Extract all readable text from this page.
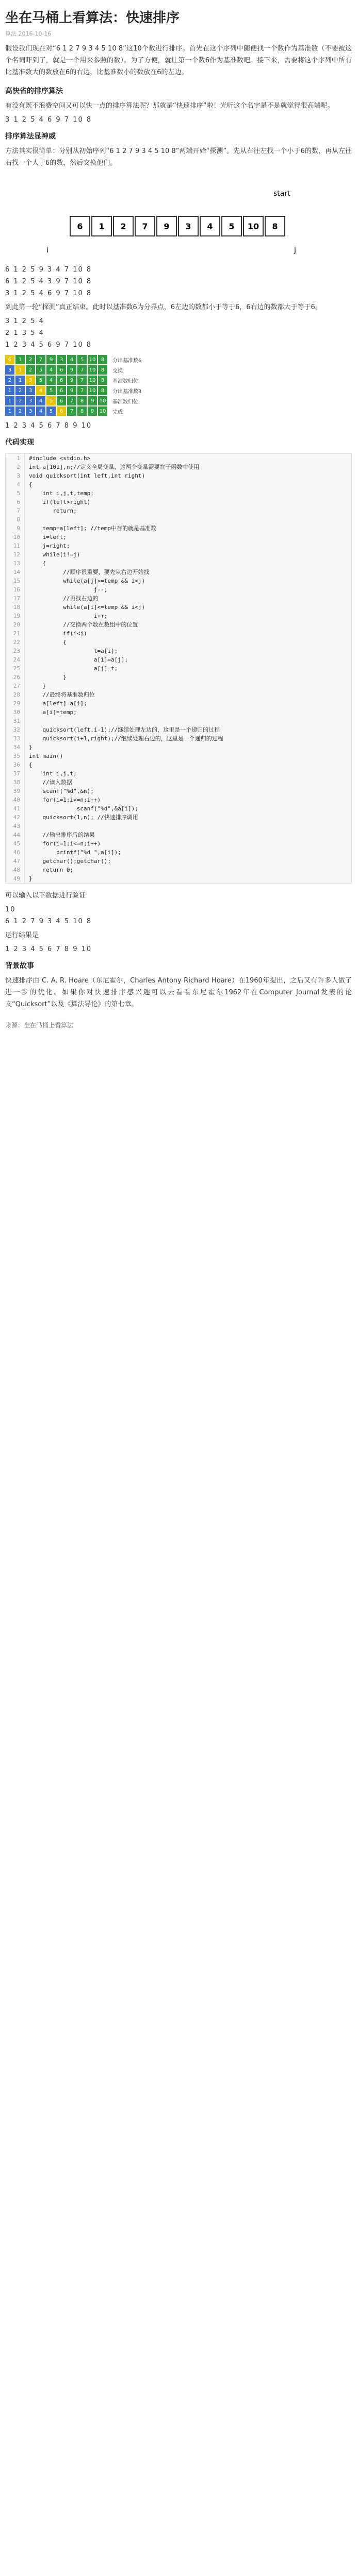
坐在马桶上看算法：快速排序
算法 2016-10-16

假设我们现在对“6 1 2 7 9 3 4 5 10 8”这10个数进行排序。首先在这个序列中随便找一个数作为基准数（不要被这个名词吓到了，就是一个用来参照的数）。为了方便，就让第一个数6作为基准数吧。接下来，需要将这个序列中所有比基准数大的数放在6的右边，比基准数小的数放在6的左边。

高快省的排序算法

有没有既不浪费空间又可以快一点的排序算法呢？那就是“快速排序”啦！光听这个名字是不是就觉得很高端呢。

3 1 2 5 4 6 9 7 10 8
排序算法显神威

方法其实很简单：分别从初始序列“6 1 2 7 9 3 4 5 10 8”两端开始“探测”。先从右往左找一个小于6的数，再从左往右找一个大于6的数，然后交换他们。

6 1 2 7 9 3 4 5 10 8
i	j
start
6 1 2 5 9 3 4 7 10 8
6 1 2 5 4 3 9 7 10 8
3 1 2 5 4 6 9 7 10 8

到此第一轮“探测”真正结束。此时以基准数6为分界点，6左边的数都小于等于6，6右边的数都大于等于6。

3 1 2 5 4
2 1 3 5 4
1 2 3 4 5 6 9 7 10 8
6	1	2	7	9	3	4	5	10	8	分出基准数6
3	1	2	5	4	6	9	7	10	8	交换
2	1	3	5	4	6	9	7	10	8	基准数归位
1	2	3	4	5	6	9	7	10	8	分出基准数3
1	2	3	4	5	6	7	8	9	10 基准数归位
1	2	3	4	5	6	7	8	9	10 完成
1 2 3 4 5 6 7 8 9 10
代码实现
1	#include <stdio.h>
2	int a[101],n;//定义全局变量，这两个变量需要在子函数中使用
3	void quicksort(int left,int right)
4	{
5	int i,j,t,temp;
6	if(left>right)
7	return;
8
9	temp=a[left]; //temp中存的就是基准数
10	i=left;
11	j=right;
12	while(i!=j)
13	{
14	//顺序很重要，要先从右边开始找
15	while(a[j]>=temp && i<j)
16	j--;
17	//再找右边的
18	while(a[i]<=temp && i<j)
19	i++;
20	//交换两个数在数组中的位置
21	if(i<j)
22	{
23	t=a[i];
24	a[i]=a[j];
25	a[j]=t;
26	}
27	}
28	//最终将基准数归位
29	a[left]=a[i];
30	a[i]=temp;
31
32	quicksort(left,i-1);//继续处理左边的，这里是一个递归的过程
33	quicksort(i+1,right);//继续处理右边的，这里是一个递归的过程
34	}
35	int main()
36	{
37	int i,j,t;
38	//读入数据
39	scanf("%d",&n);
40	for(i=1;i<=n;i++)
41	scanf("%d",&a[i]);
42	quicksort(1,n); //快速排序调用
43
44	//输出排序后的结果
45	for(i=1;i<=n;i++)
46	printf("%d ",a[i]);
47	getchar();getchar();
48	return 0;
49	}

可以输入以下数据进行验证

10
6 1 2 7 9 3 4 5 10 8

运行结果是

1 2 3 4 5 6 7 8 9 10
背景故事

快速排序由 C. A. R. Hoare（东尼霍尔，Charles Antony Richard Hoare）在1960年提出，之后又有许多人做了进一步的优化。如果你对快速排序感兴趣可以去看看东尼霍尔1962年在Computer Journal发表的论文“Quicksort”以及《算法导论》的第七章。

来源：坐在马桶上看算法
